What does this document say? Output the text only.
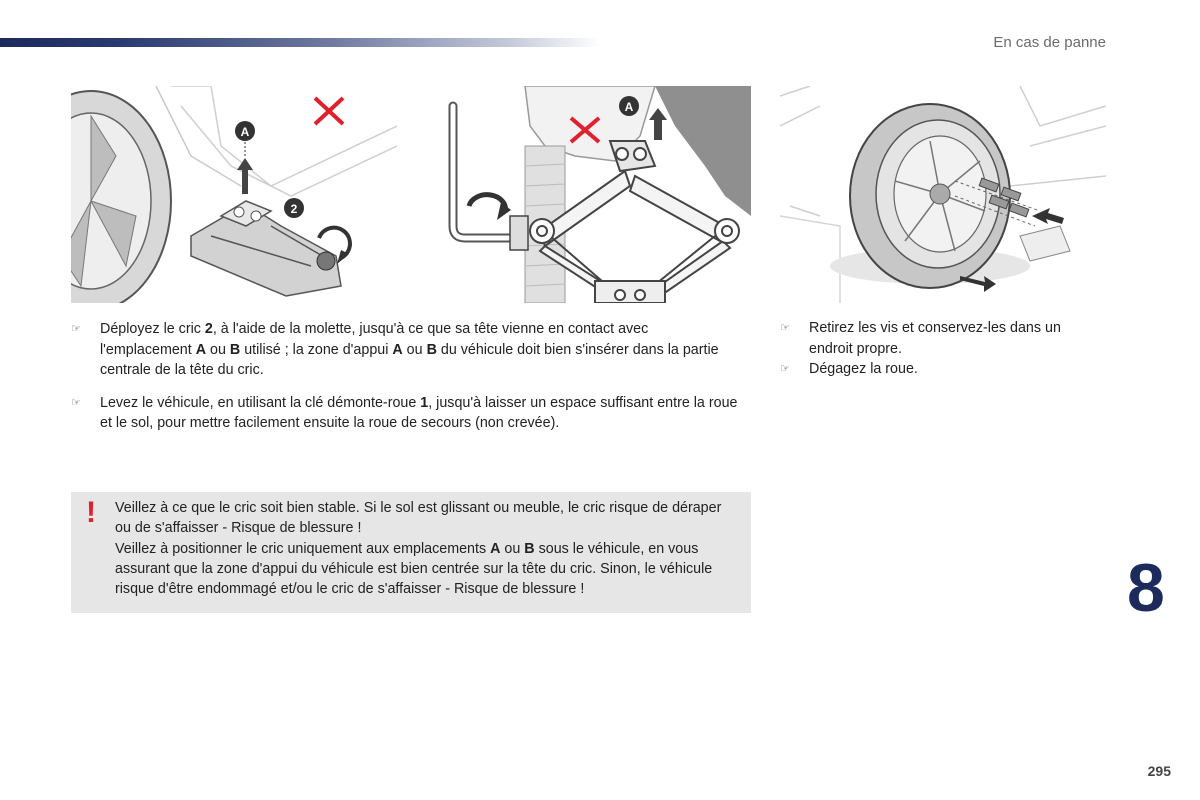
En cas de panne
A
2
A
☞ Déployez le cric 2, à l'aide de la molette, jusqu'à ce que sa tête vienne en contact avec l'emplacement A ou B utilisé ; la zone d'appui A ou B du véhicule doit bien s'insérer dans la partie centrale de la tête du cric.
☞ Levez le véhicule, en utilisant la clé démonte-roue 1, jusqu'à laisser un espace suffisant entre la roue et le sol, pour mettre facilement ensuite la roue de secours (non crevée).
☞ Retirez les vis et conservez-les dans un endroit propre.
☞ Dégagez la roue.
! Veillez à ce que le cric soit bien stable. Si le sol est glissant ou meuble, le cric risque de déraper ou de s'affaisser - Risque de blessure !
Veillez à positionner le cric uniquement aux emplacements A ou B sous le véhicule, en vous assurant que la zone d'appui du véhicule est bien centrée sur la tête du cric. Sinon, le véhicule risque d'être endommagé et/ou le cric de s'affaisser - Risque de blessure !	8
295
